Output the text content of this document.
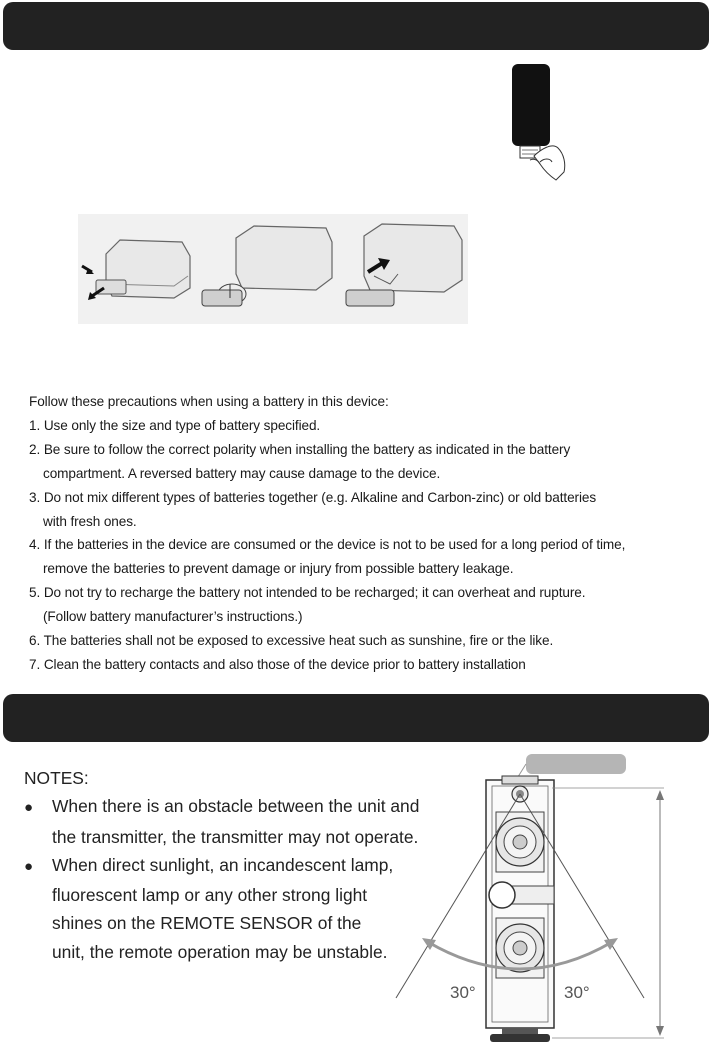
Follow these precautions when using a battery in this device:
1. Use only the size and type of battery specified.
2. Be sure to follow the correct polarity when installing the battery as indicated in the battery
compartment. A reversed battery may cause damage to the device.
3. Do not mix different types of batteries together (e.g. Alkaline and Carbon-zinc) or old batteries
with fresh ones.
4. If the batteries in the device are consumed or the device is not to be used for a long period of time,
remove the batteries to prevent damage or injury from possible battery leakage.
5. Do not try to recharge the battery not intended to be recharged; it can overheat and rupture.
(Follow battery manufacturer’s instructions.)
6. The batteries shall not be exposed to excessive heat such as sunshine, fire or the like.
7. Clean the battery contacts and also those of the device prior to battery installation
NOTES:
● When there is an obstacle between the unit and
the transmitter, the transmitter may not operate.
● When direct sunlight, an incandescent lamp,
fluorescent lamp or any other strong light
shines on the REMOTE SENSOR of the
unit, the remote operation may be unstable.
30°	30°
